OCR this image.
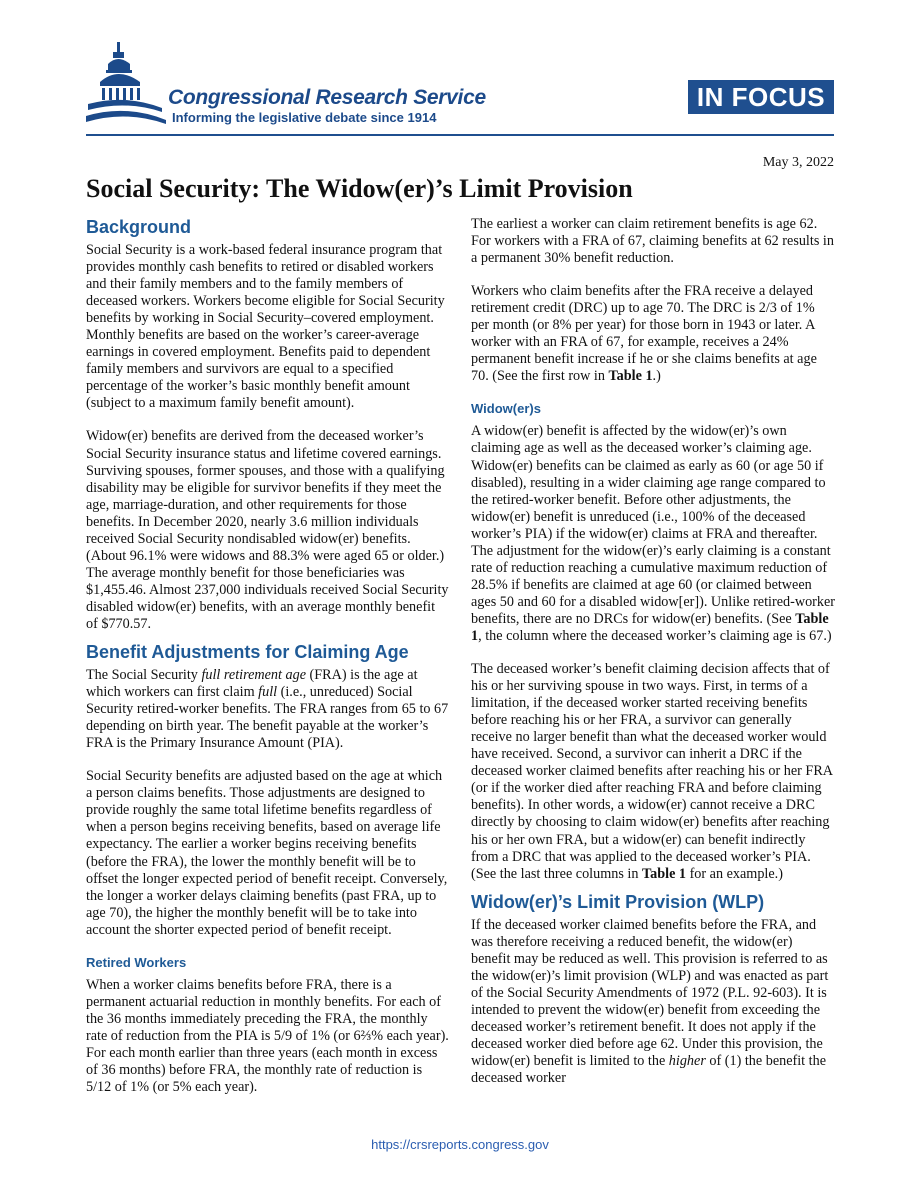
Congressional Research Service
Informing the legislative debate since 1914
IN FOCUS
May 3, 2022
Social Security: The Widow(er)’s Limit Provision
Background

Social Security is a work-based federal insurance program that provides monthly cash benefits to retired or disabled workers and their family members and to the family members of deceased workers. Workers become eligible for Social Security benefits by working in Social Security–covered employment. Monthly benefits are based on the worker’s career-average earnings in covered employment. Benefits paid to dependent family members and survivors are equal to a specified percentage of the worker’s basic monthly benefit amount (subject to a maximum family benefit amount).

Widow(er) benefits are derived from the deceased worker’s Social Security insurance status and lifetime covered earnings. Surviving spouses, former spouses, and those with a qualifying disability may be eligible for survivor benefits if they meet the age, marriage-duration, and other requirements for those benefits. In December 2020, nearly 3.6 million individuals received Social Security nondisabled widow(er) benefits. (About 96.1% were widows and 88.3% were aged 65 or older.) The average monthly benefit for those beneficiaries was $1,455.46. Almost 237,000 individuals received Social Security disabled widow(er) benefits, with an average monthly benefit of $770.57.

Benefit Adjustments for Claiming Age

The Social Security full retirement age (FRA) is the age at which workers can first claim full (i.e., unreduced) Social Security retired-worker benefits. The FRA ranges from 65 to 67 depending on birth year. The benefit payable at the worker’s FRA is the Primary Insurance Amount (PIA).

Social Security benefits are adjusted based on the age at which a person claims benefits. Those adjustments are designed to provide roughly the same total lifetime benefits regardless of when a person begins receiving benefits, based on average life expectancy. The earlier a worker begins receiving benefits (before the FRA), the lower the monthly benefit will be to offset the longer expected period of benefit receipt. Conversely, the longer a worker delays claiming benefits (past FRA, up to age 70), the higher the monthly benefit will be to take into account the shorter expected period of benefit receipt.

Retired Workers

When a worker claims benefits before FRA, there is a permanent actuarial reduction in monthly benefits. For each of the 36 months immediately preceding the FRA, the monthly rate of reduction from the PIA is 5/9 of 1% (or 6⅔% each year). For each month earlier than three years (each month in excess of 36 months) before FRA, the monthly rate of reduction is 5/12 of 1% (or 5% each year).

The earliest a worker can claim retirement benefits is age 62. For workers with a FRA of 67, claiming benefits at 62 results in a permanent 30% benefit reduction.

Workers who claim benefits after the FRA receive a delayed retirement credit (DRC) up to age 70. The DRC is 2/3 of 1% per month (or 8% per year) for those born in 1943 or later. A worker with an FRA of 67, for example, receives a 24% permanent benefit increase if he or she claims benefits at age 70. (See the first row in Table 1.)

Widow(er)s

A widow(er) benefit is affected by the widow(er)’s own claiming age as well as the deceased worker’s claiming age. Widow(er) benefits can be claimed as early as 60 (or age 50 if disabled), resulting in a wider claiming age range compared to the retired-worker benefit. Before other adjustments, the widow(er) benefit is unreduced (i.e., 100% of the deceased worker’s PIA) if the widow(er) claims at FRA and thereafter. The adjustment for the widow(er)’s early claiming is a constant rate of reduction reaching a cumulative maximum reduction of 28.5% if benefits are claimed at age 60 (or claimed between ages 50 and 60 for a disabled widow[er]). Unlike retired-worker benefits, there are no DRCs for widow(er) benefits. (See Table 1, the column where the deceased worker’s claiming age is 67.)

The deceased worker’s benefit claiming decision affects that of his or her surviving spouse in two ways. First, in terms of a limitation, if the deceased worker started receiving benefits before reaching his or her FRA, a survivor can generally receive no larger benefit than what the deceased worker would have received. Second, a survivor can inherit a DRC if the deceased worker claimed benefits after reaching his or her FRA (or if the worker died after reaching FRA and before claiming benefits). In other words, a widow(er) cannot receive a DRC directly by choosing to claim widow(er) benefits after reaching his or her own FRA, but a widow(er) can benefit indirectly from a DRC that was applied to the deceased worker’s PIA. (See the last three columns in Table 1 for an example.)

Widow(er)’s Limit Provision (WLP)

If the deceased worker claimed benefits before the FRA, and was therefore receiving a reduced benefit, the widow(er) benefit may be reduced as well. This provision is referred to as the widow(er)’s limit provision (WLP) and was enacted as part of the Social Security Amendments of 1972 (P.L. 92-603). It is intended to prevent the widow(er) benefit from exceeding the deceased worker’s retirement benefit. It does not apply if the deceased worker died before age 62. Under this provision, the widow(er) benefit is limited to the higher of (1) the benefit the deceased worker

https://crsreports.congress.gov
